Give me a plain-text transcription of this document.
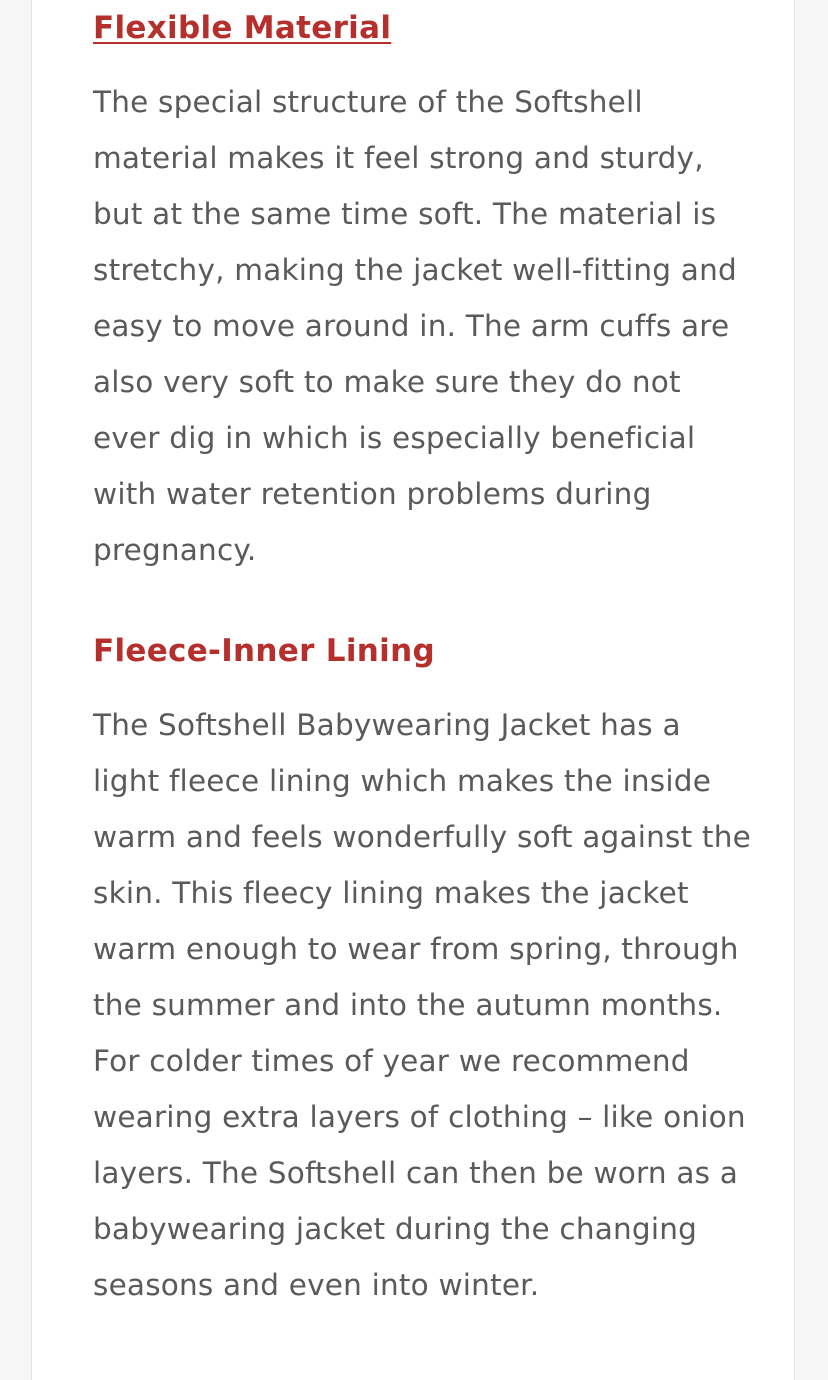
Flexible Material

The special structure of the Softshell material makes it feel strong and sturdy, but at the same time soft. The material is stretchy, making the jacket well-fitting and easy to move around in. The arm cuffs are also very soft to make sure they do not ever dig in which is especially beneficial with water retention problems during pregnancy.

Fleece-Inner Lining

The Softshell Babywearing Jacket has a light fleece lining which makes the inside warm and feels wonderfully soft against the skin. This fleecy lining makes the jacket warm enough to wear from spring, through the summer and into the autumn months. For colder times of year we recommend wearing extra layers of clothing – like onion layers. The Softshell can then be worn as a babywearing jacket during the changing seasons and even into winter.
